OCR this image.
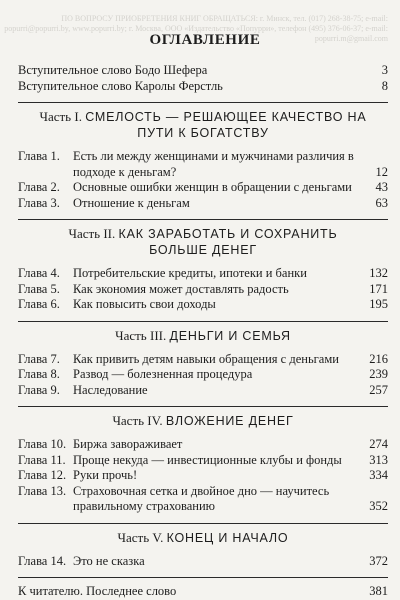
ПО ВОПРОСУ ПРИОБРЕТЕНИЯ КНИГ ОБРАЩАТЬСЯ: г. Минск, тел. (017) 268-38-75; e-mail: popurri@popurri.by, www.popurri.by; г. Москва, ООО «Издательство «Попурри», телефон (495) 376-06-37; e-mail: popurri.m@gmail.com
ОГЛАВЛЕНИЕ
Вступительное слово Бодо Шефера	3
Вступительное слово Каролы Ферстль	8
Часть I. СМЕЛОСТЬ — РЕШАЮЩЕЕ КАЧЕСТВО НА ПУТИ К БОГАТСТВУ
Глава 1.	Есть ли между женщинами и мужчинами различия в подходе к деньгам?	12
Глава 2.	Основные ошибки женщин в обращении с деньгами	43
Глава 3.	Отношение к деньгам	63
Часть II. КАК ЗАРАБОТАТЬ И СОХРАНИТЬ БОЛЬШЕ ДЕНЕГ
Глава 4.	Потребительские кредиты, ипотеки и банки	132
Глава 5.	Как экономия может доставлять радость	171
Глава 6.	Как повысить свои доходы	195
Часть III. ДЕНЬГИ И СЕМЬЯ
Глава 7.	Как привить детям навыки обращения с деньгами	216
Глава 8.	Развод — болезненная процедура	239
Глава 9.	Наследование	257
Часть IV. ВЛОЖЕНИЕ ДЕНЕГ
Глава 10. Биржа завораживает	274
Глава 11. Проще некуда — инвестиционные клубы и фонды	313
Глава 12. Руки прочь!	334
Глава 13. Страховочная сетка и двойное дно — научитесь правильному страхованию	352
Часть V. КОНЕЦ И НАЧАЛО
Глава 14. Это не сказка	372
К читателю. Последнее слово	381
